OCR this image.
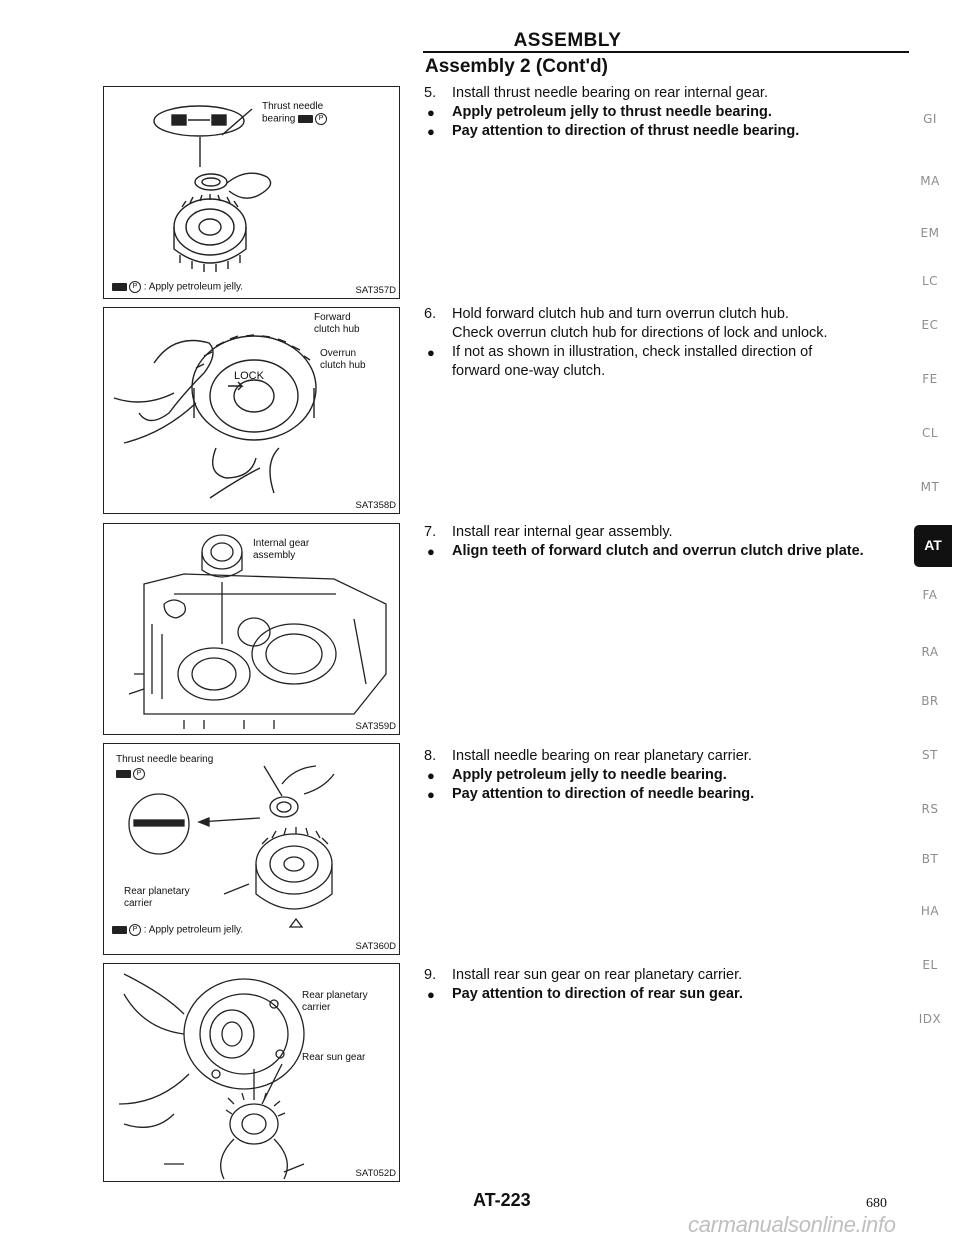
ASSEMBLY
Assembly 2 (Cont'd)
Thrust needle
bearing	P
P : Apply petroleum jelly.	SAT357D
Forward
clutch hub
Overrun
clutch hub
LOCK
SAT358D
Internal gear
assembly
SAT359D
Thrust needle bearing
P
Rear planetary
carrier
P : Apply petroleum jelly.
SAT360D
Rear planetary
carrier
Rear sun gear
SAT052D
5. Install thrust needle bearing on rear internal gear.
● Apply petroleum jelly to thrust needle bearing.
● Pay attention to direction of thrust needle bearing.
6. Hold forward clutch hub and turn overrun clutch hub.
Check overrun clutch hub for directions of lock and unlock.
● If not as shown in illustration, check installed direction of
forward one-way clutch.
7. Install rear internal gear assembly.
● Align teeth of forward clutch and overrun clutch drive plate.
8. Install needle bearing on rear planetary carrier.
● Apply petroleum jelly to needle bearing.
● Pay attention to direction of needle bearing.
9. Install rear sun gear on rear planetary carrier.
● Pay attention to direction of rear sun gear.
GI
MA
EM
LC
EC
FE
CL
MT
AT
FA
RA
BR
ST
RS
BT
HA
EL
IDX
AT-223	680
carmanualsonline.info
